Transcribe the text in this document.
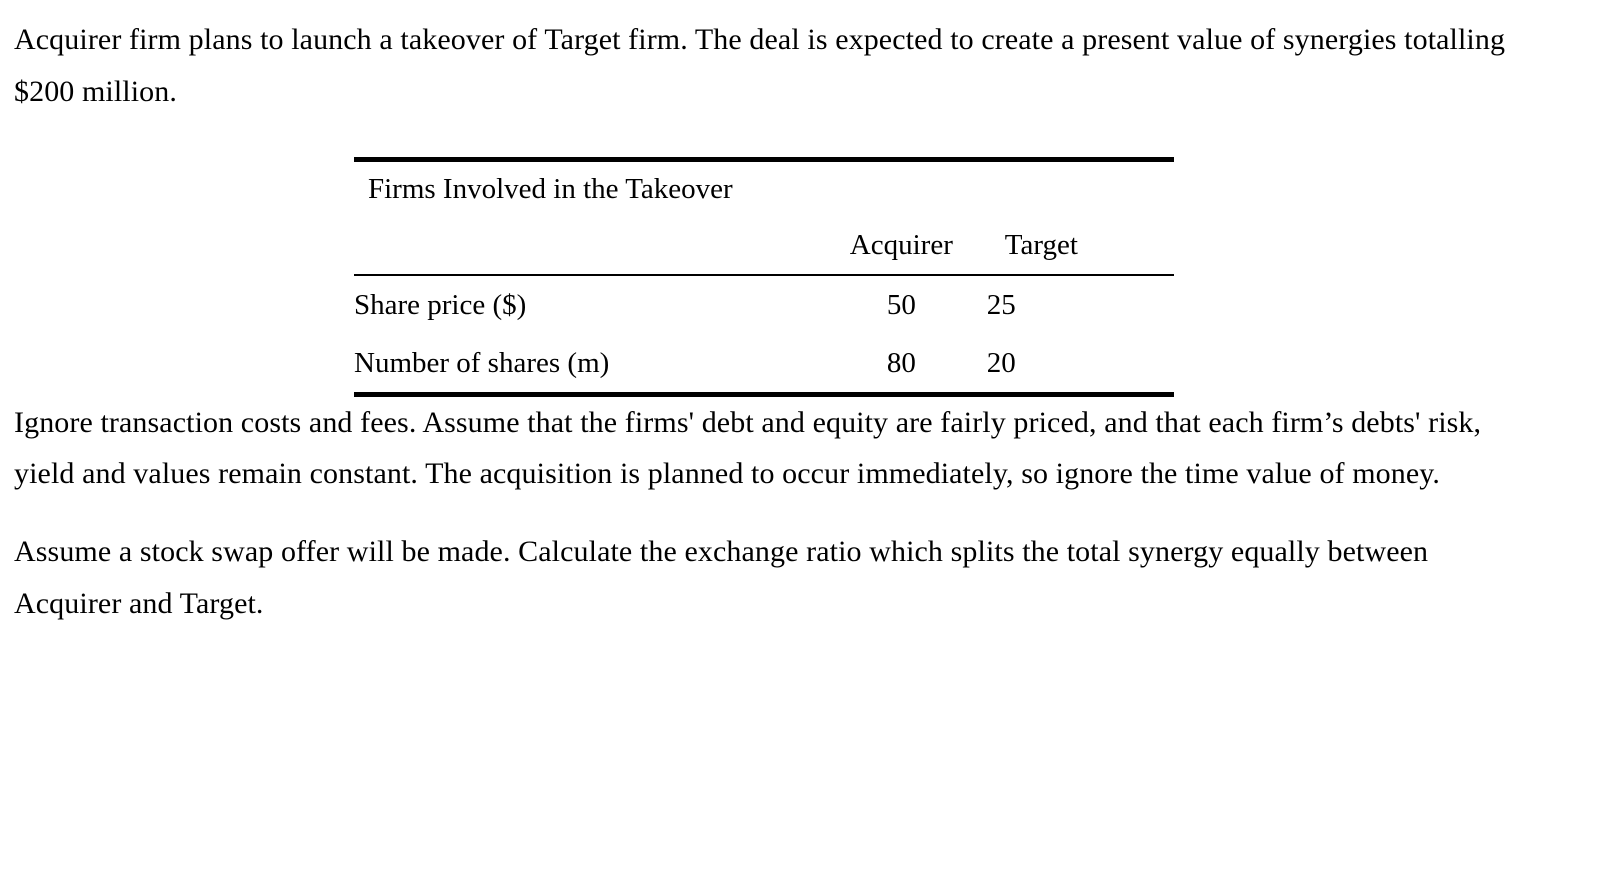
Acquirer firm plans to launch a takeover of Target firm. The deal is expected to create a present value of synergies totalling $200 million.

Firms Involved in the Takeover		
	Acquirer	Target
Share price ($)	50	25
Number of shares (m)	80	20

Ignore transaction costs and fees. Assume that the firms' debt and equity are fairly priced, and that each firm’s debts' risk, yield and values remain constant. The acquisition is planned to occur immediately, so ignore the time value of money.

Assume a stock swap offer will be made. Calculate the exchange ratio which splits the total synergy equally between Acquirer and Target.
